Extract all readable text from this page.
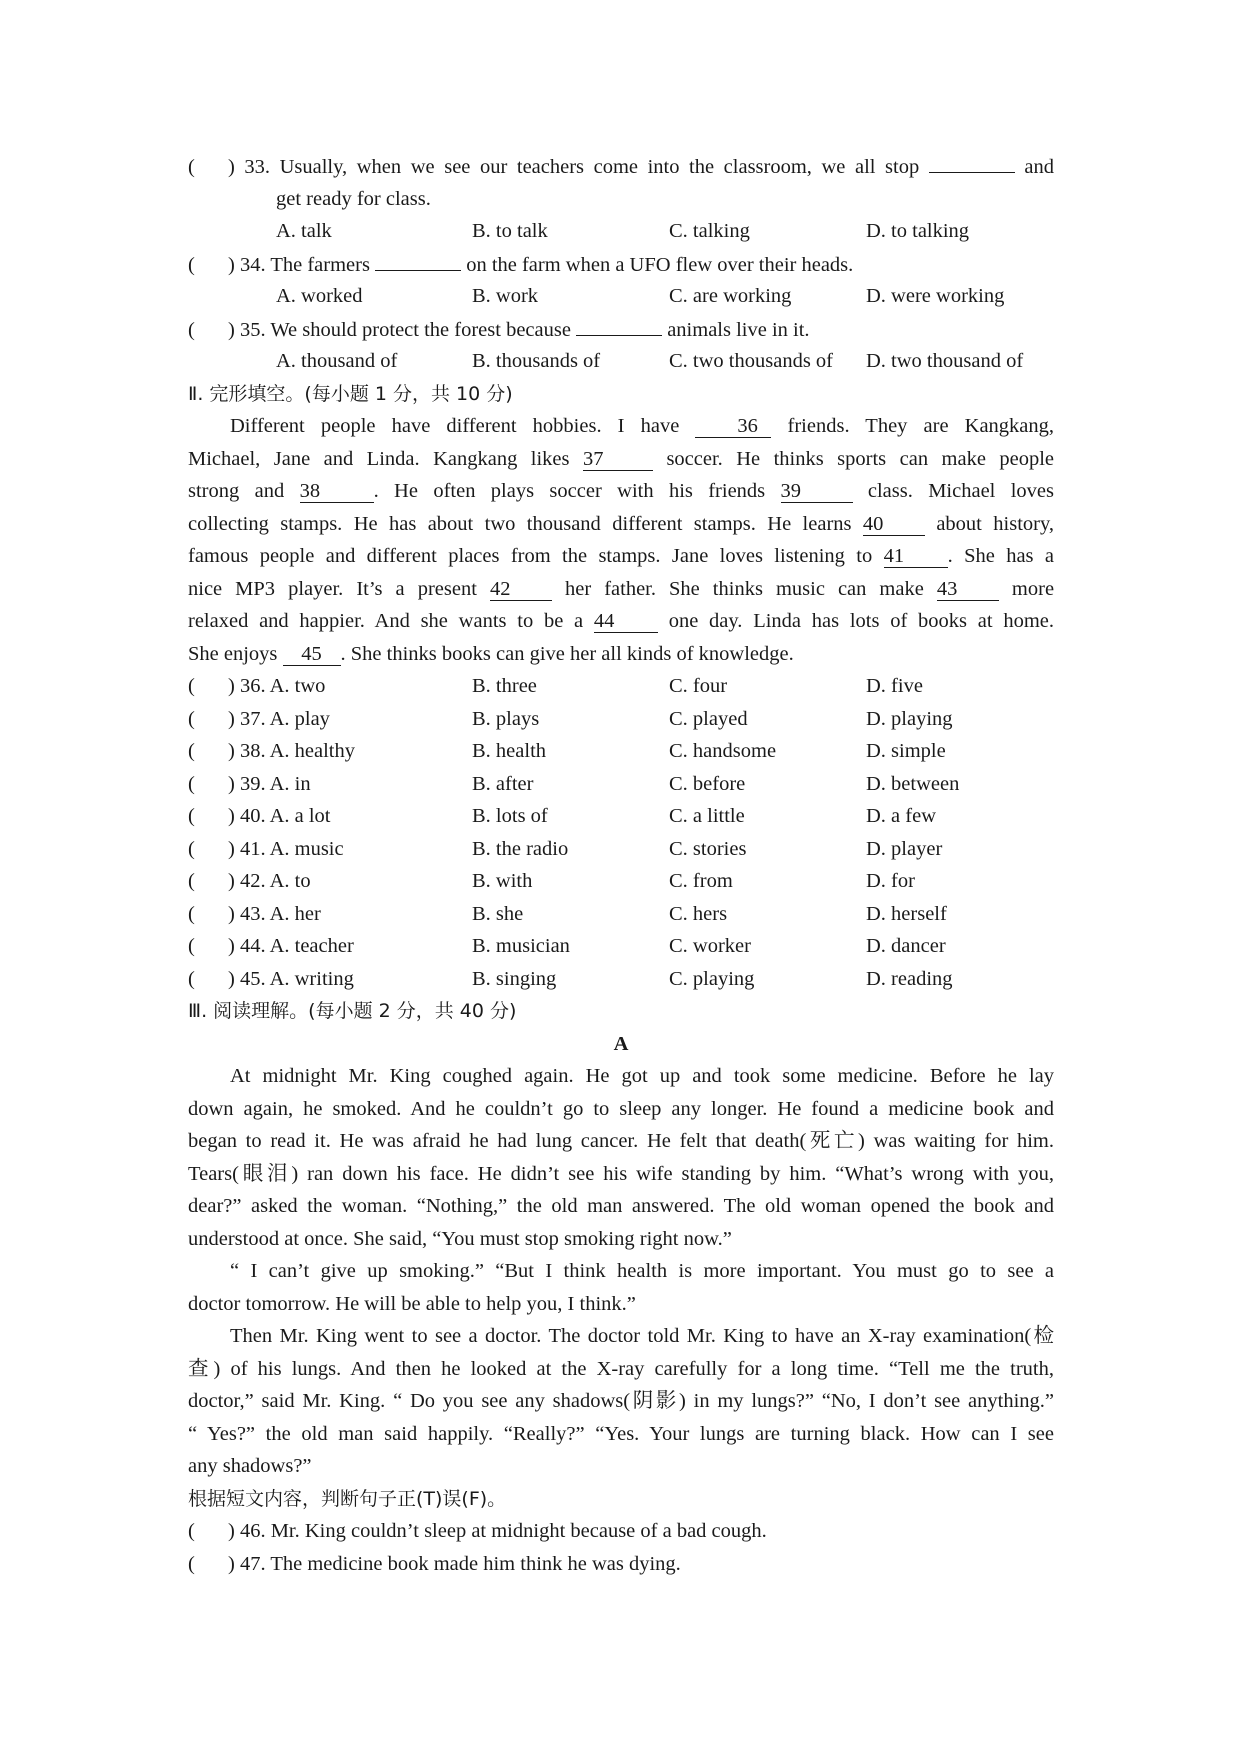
( ) 33. Usually, when we see our teachers come into the classroom, we all stop	and
get ready for class.
A. talk	B. to talk	C. talking	D. to talking
( ) 34. The farmers	on the farm when a UFO flew over their heads.
A. worked	B. work	C. are working	D. were working
( ) 35. We should protect the forest because	animals live in it.
A. thousand of	B. thousands of	C. two thousands of D. two thousand of
Ⅱ. 完形填空。(每小题 1 分，共 10 分)
Different people have different hobbies. I have	36 friends. They are Kangkang,
Michael, Jane and Linda. Kangkang likes 37	soccer. He thinks sports can make people
strong and 38	. He often plays soccer with his friends 39	class. Michael loves
collecting stamps. He has about two thousand different stamps. He learns 40	about history,
famous people and different places from the stamps. Jane loves listening to 41 . She has a
nice MP3 player. It’s a present 42	her father. She thinks music can make 43	more
relaxed and happier. And she wants to be a 44	one day. Linda has lots of books at home.
She enjoys 45 . She thinks books can give her all kinds of knowledge.
( ) 36. A. two	B. three	C. four	D. five
( ) 37. A. play	B. plays	C. played	D. playing
( ) 38. A. healthy	B. health	C. handsome	D. simple
( ) 39. A. in	B. after	C. before	D. between
( ) 40. A. a lot	B. lots of	C. a little	D. a few
( ) 41. A. music	B. the radio	C. stories	D. player
( ) 42. A. to	B. with	C. from	D. for
( ) 43. A. her	B. she	C. hers	D. herself
( ) 44. A. teacher	B. musician	C. worker	D. dancer
( ) 45. A. writing	B. singing	C. playing	D. reading
Ⅲ. 阅读理解。(每小题 2 分，共 40 分)
A
At midnight Mr. King coughed again. He got up and took some medicine. Before he lay
down again, he smoked. And he couldn’t go to sleep any longer. He found a medicine book and
began to read it. He was afraid he had lung cancer. He felt that death(死亡) was waiting for him.
Tears(眼泪) ran down his face. He didn’t see his wife standing by him. “What’s wrong with you,
dear?” asked the woman. “Nothing,” the old man answered. The old woman opened the book and
understood at once. She said, “You must stop smoking right now.”
“ I can’t give up smoking.” “But I think health is more important. You must go to see a
doctor tomorrow. He will be able to help you, I think.”
Then Mr. King went to see a doctor. The doctor told Mr. King to have an X-ray examination(检
查) of his lungs. And then he looked at the X-ray carefully for a long time. “Tell me the truth,
doctor,” said Mr. King. “ Do you see any shadows(阴影) in my lungs?” “No, I don’t see anything.”
“ Yes?” the old man said happily. “Really?” “Yes. Your lungs are turning black. How can I see
any shadows?”
根据短文内容，判断句子正(T)误(F)。
( ) 46. Mr. King couldn’t sleep at midnight because of a bad cough.
( ) 47. The medicine book made him think he was dying.
